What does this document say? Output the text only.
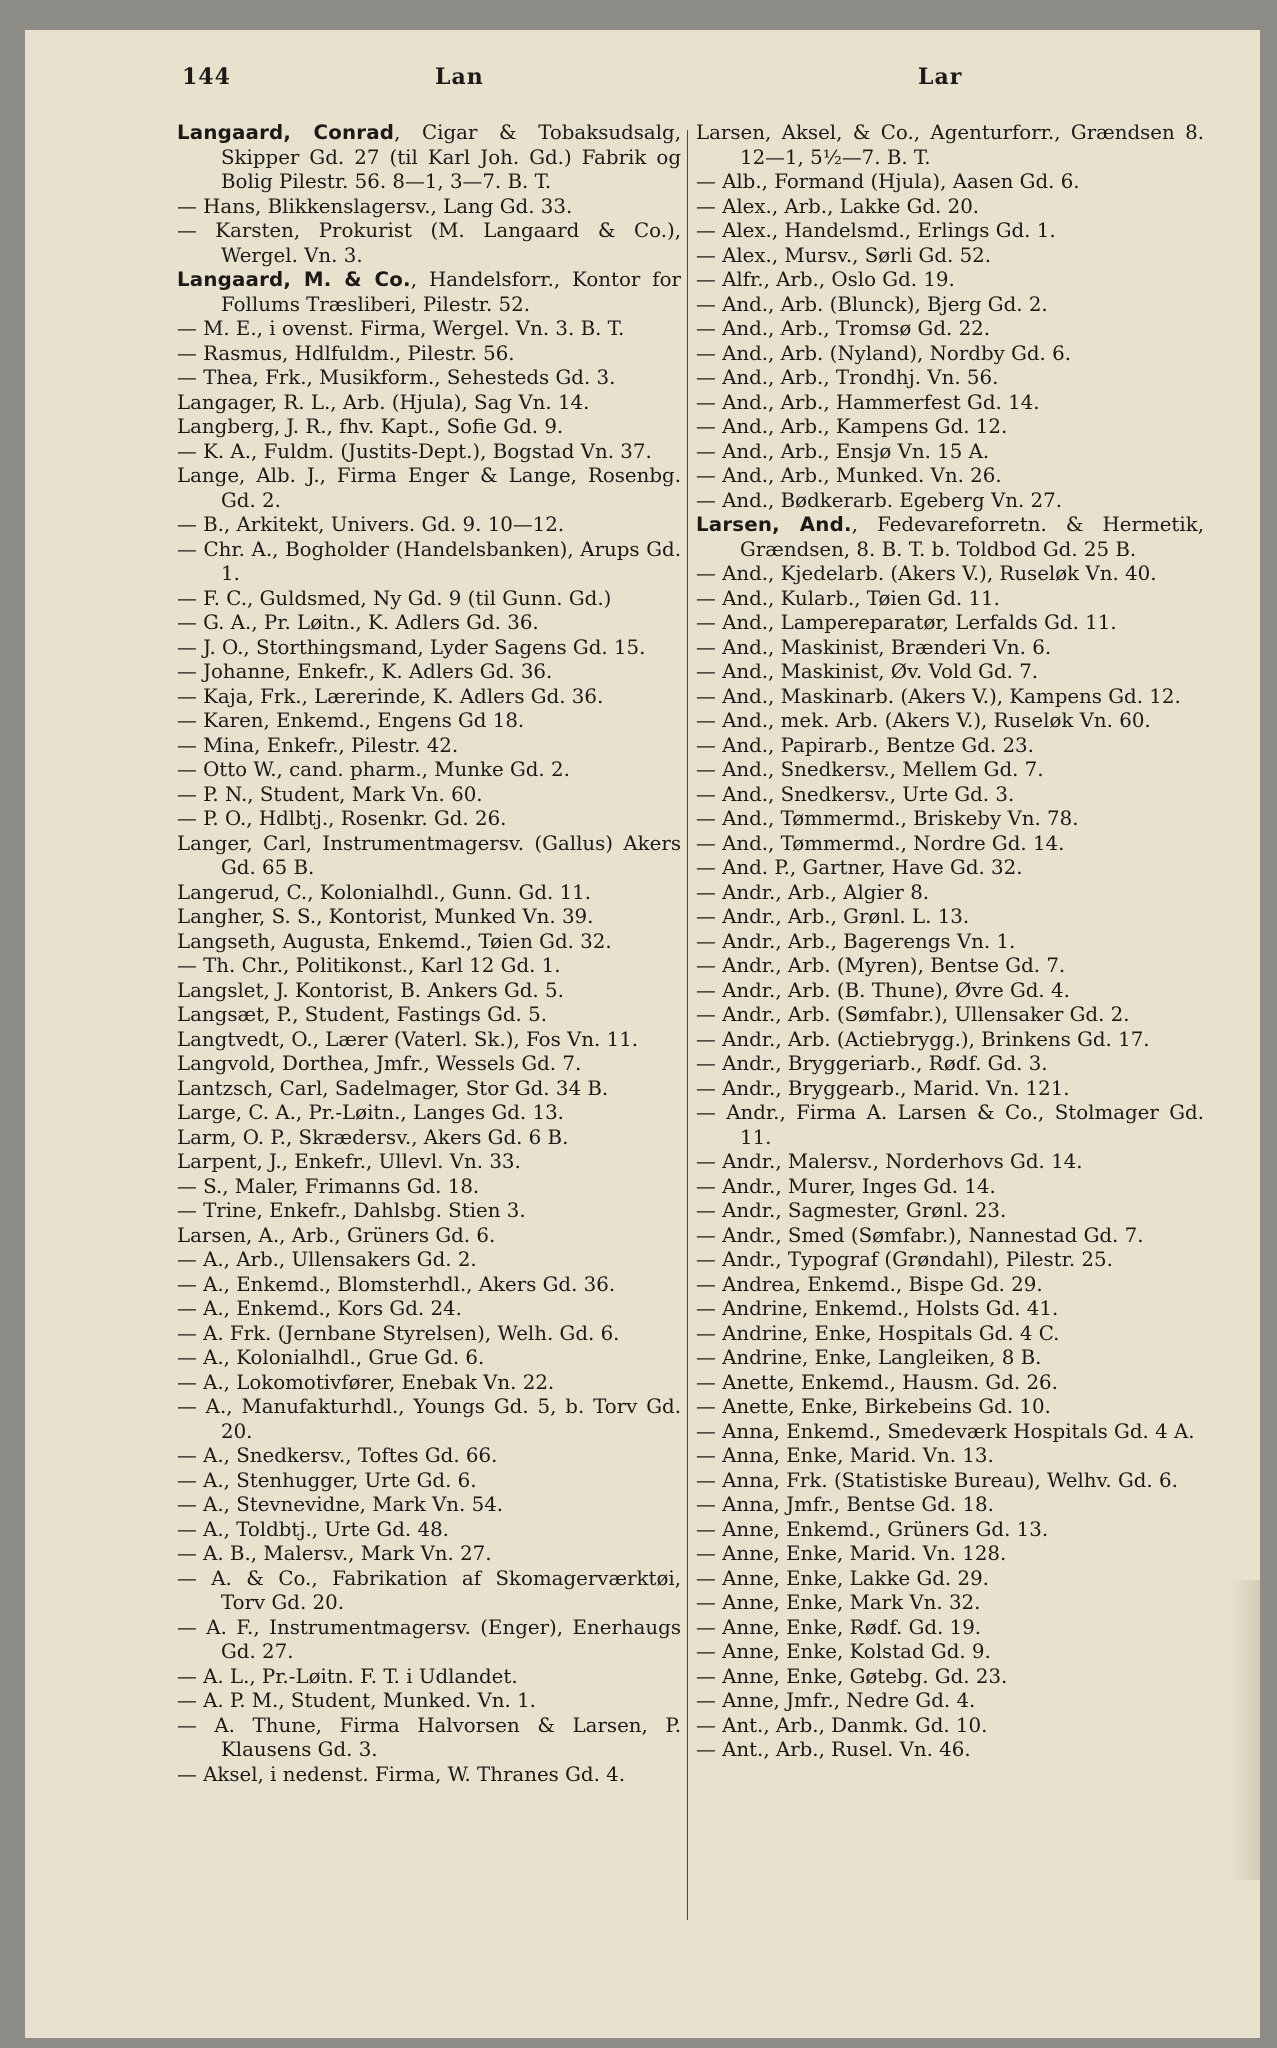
144	Lan	Lar
Langaard, Conrad, Cigar & Tobaksudsalg, Skipper Gd. 27 (til Karl Joh. Gd.) Fabrik og Bolig Pilestr. 56. 8—1, 3—7. B. T.
— Hans, Blikkenslagersv., Lang Gd. 33.
— Karsten, Prokurist (M. Langaard & Co.), Wergel. Vn. 3.
Langaard, M. & Co., Handelsforr., Kontor for Follums Træsliberi, Pilestr. 52.
— M. E., i ovenst. Firma, Wergel. Vn. 3. B. T.
— Rasmus, Hdlfuldm., Pilestr. 56.
— Thea, Frk., Musikform., Sehesteds Gd. 3.
Langager, R. L., Arb. (Hjula), Sag Vn. 14.
Langberg, J. R., fhv. Kapt., Sofie Gd. 9.
— K. A., Fuldm. (Justits-Dept.), Bogstad Vn. 37.
Lange, Alb. J., Firma Enger & Lange, Rosenbg. Gd. 2.
— B., Arkitekt, Univers. Gd. 9. 10—12.
— Chr. A., Bogholder (Handelsbanken), Arups Gd. 1.
— F. C., Guldsmed, Ny Gd. 9 (til Gunn. Gd.)
— G. A., Pr. Løitn., K. Adlers Gd. 36.
— J. O., Storthingsmand, Lyder Sagens Gd. 15.
— Johanne, Enkefr., K. Adlers Gd. 36.
— Kaja, Frk., Lærerinde, K. Adlers Gd. 36.
— Karen, Enkemd., Engens Gd 18.
— Mina, Enkefr., Pilestr. 42.
— Otto W., cand. pharm., Munke Gd. 2.
— P. N., Student, Mark Vn. 60.
— P. O., Hdlbtj., Rosenkr. Gd. 26.
Langer, Carl, Instrumentmagersv. (Gallus) Akers Gd. 65 B.
Langerud, C., Kolonialhdl., Gunn. Gd. 11.
Langher, S. S., Kontorist, Munked Vn. 39.
Langseth, Augusta, Enkemd., Tøien Gd. 32.
— Th. Chr., Politikonst., Karl 12 Gd. 1.
Langslet, J. Kontorist, B. Ankers Gd. 5.
Langsæt, P., Student, Fastings Gd. 5.
Langtvedt, O., Lærer (Vaterl. Sk.), Fos Vn. 11.
Langvold, Dorthea, Jmfr., Wessels Gd. 7.
Lantzsch, Carl, Sadelmager, Stor Gd. 34 B.
Large, C. A., Pr.-Løitn., Langes Gd. 13.
Larm, O. P., Skrædersv., Akers Gd. 6 B.
Larpent, J., Enkefr., Ullevl. Vn. 33.
— S., Maler, Frimanns Gd. 18.
— Trine, Enkefr., Dahlsbg. Stien 3.
Larsen, A., Arb., Grüners Gd. 6.
— A., Arb., Ullensakers Gd. 2.
— A., Enkemd., Blomsterhdl., Akers Gd. 36.
— A., Enkemd., Kors Gd. 24.
— A. Frk. (Jernbane Styrelsen), Welh. Gd. 6.
— A., Kolonialhdl., Grue Gd. 6.
— A., Lokomotivfører, Enebak Vn. 22.
— A., Manufakturhdl., Youngs Gd. 5, b. Torv Gd. 20.
— A., Snedkersv., Toftes Gd. 66.
— A., Stenhugger, Urte Gd. 6.
— A., Stevnevidne, Mark Vn. 54.
— A., Toldbtj., Urte Gd. 48.
— A. B., Malersv., Mark Vn. 27.
— A. & Co., Fabrikation af Skomagerværktøi, Torv Gd. 20.
— A. F., Instrumentmagersv. (Enger), Enerhaugs Gd. 27.
— A. L., Pr.-Løitn. F. T. i Udlandet.
— A. P. M., Student, Munked. Vn. 1.
— A. Thune, Firma Halvorsen & Larsen, P. Klausens Gd. 3.
— Aksel, i nedenst. Firma, W. Thranes Gd. 4.
Larsen, Aksel, & Co., Agenturforr., Grændsen 8. 12—1, 5½—7. B. T.
— Alb., Formand (Hjula), Aasen Gd. 6.
— Alex., Arb., Lakke Gd. 20.
— Alex., Handelsmd., Erlings Gd. 1.
— Alex., Mursv., Sørli Gd. 52.
— Alfr., Arb., Oslo Gd. 19.
— And., Arb. (Blunck), Bjerg Gd. 2.
— And., Arb., Tromsø Gd. 22.
— And., Arb. (Nyland), Nordby Gd. 6.
— And., Arb., Trondhj. Vn. 56.
— And., Arb., Hammerfest Gd. 14.
— And., Arb., Kampens Gd. 12.
— And., Arb., Ensjø Vn. 15 A.
— And., Arb., Munked. Vn. 26.
— And., Bødkerarb. Egeberg Vn. 27.
Larsen, And., Fedevareforretn. & Hermetik, Grændsen, 8. B. T. b. Toldbod Gd. 25 B.
— And., Kjedelarb. (Akers V.), Ruseløk Vn. 40.
— And., Kularb., Tøien Gd. 11.
— And., Lampereparatør, Lerfalds Gd. 11.
— And., Maskinist, Brænderi Vn. 6.
— And., Maskinist, Øv. Vold Gd. 7.
— And., Maskinarb. (Akers V.), Kampens Gd. 12.
— And., mek. Arb. (Akers V.), Ruseløk Vn. 60.
— And., Papirarb., Bentze Gd. 23.
— And., Snedkersv., Mellem Gd. 7.
— And., Snedkersv., Urte Gd. 3.
— And., Tømmermd., Briskeby Vn. 78.
— And., Tømmermd., Nordre Gd. 14.
— And. P., Gartner, Have Gd. 32.
— Andr., Arb., Algier 8.
— Andr., Arb., Grønl. L. 13.
— Andr., Arb., Bagerengs Vn. 1.
— Andr., Arb. (Myren), Bentse Gd. 7.
— Andr., Arb. (B. Thune), Øvre Gd. 4.
— Andr., Arb. (Sømfabr.), Ullensaker Gd. 2.
— Andr., Arb. (Actiebrygg.), Brinkens Gd. 17.
— Andr., Bryggeriarb., Rødf. Gd. 3.
— Andr., Bryggearb., Marid. Vn. 121.
— Andr., Firma A. Larsen & Co., Stolmager Gd. 11.
— Andr., Malersv., Norderhovs Gd. 14.
— Andr., Murer, Inges Gd. 14.
— Andr., Sagmester, Grønl. 23.
— Andr., Smed (Sømfabr.), Nannestad Gd. 7.
— Andr., Typograf (Grøndahl), Pilestr. 25.
— Andrea, Enkemd., Bispe Gd. 29.
— Andrine, Enkemd., Holsts Gd. 41.
— Andrine, Enke, Hospitals Gd. 4 C.
— Andrine, Enke, Langleiken, 8 B.
— Anette, Enkemd., Hausm. Gd. 26.
— Anette, Enke, Birkebeins Gd. 10.
— Anna, Enkemd., Smedeværk Hospitals Gd. 4 A.
— Anna, Enke, Marid. Vn. 13.
— Anna, Frk. (Statistiske Bureau), Welhv. Gd. 6.
— Anna, Jmfr., Bentse Gd. 18.
— Anne, Enkemd., Grüners Gd. 13.
— Anne, Enke, Marid. Vn. 128.
— Anne, Enke, Lakke Gd. 29.
— Anne, Enke, Mark Vn. 32.
— Anne, Enke, Rødf. Gd. 19.
— Anne, Enke, Kolstad Gd. 9.
— Anne, Enke, Gøtebg. Gd. 23.
— Anne, Jmfr., Nedre Gd. 4.
— Ant., Arb., Danmk. Gd. 10.
— Ant., Arb., Rusel. Vn. 46.
